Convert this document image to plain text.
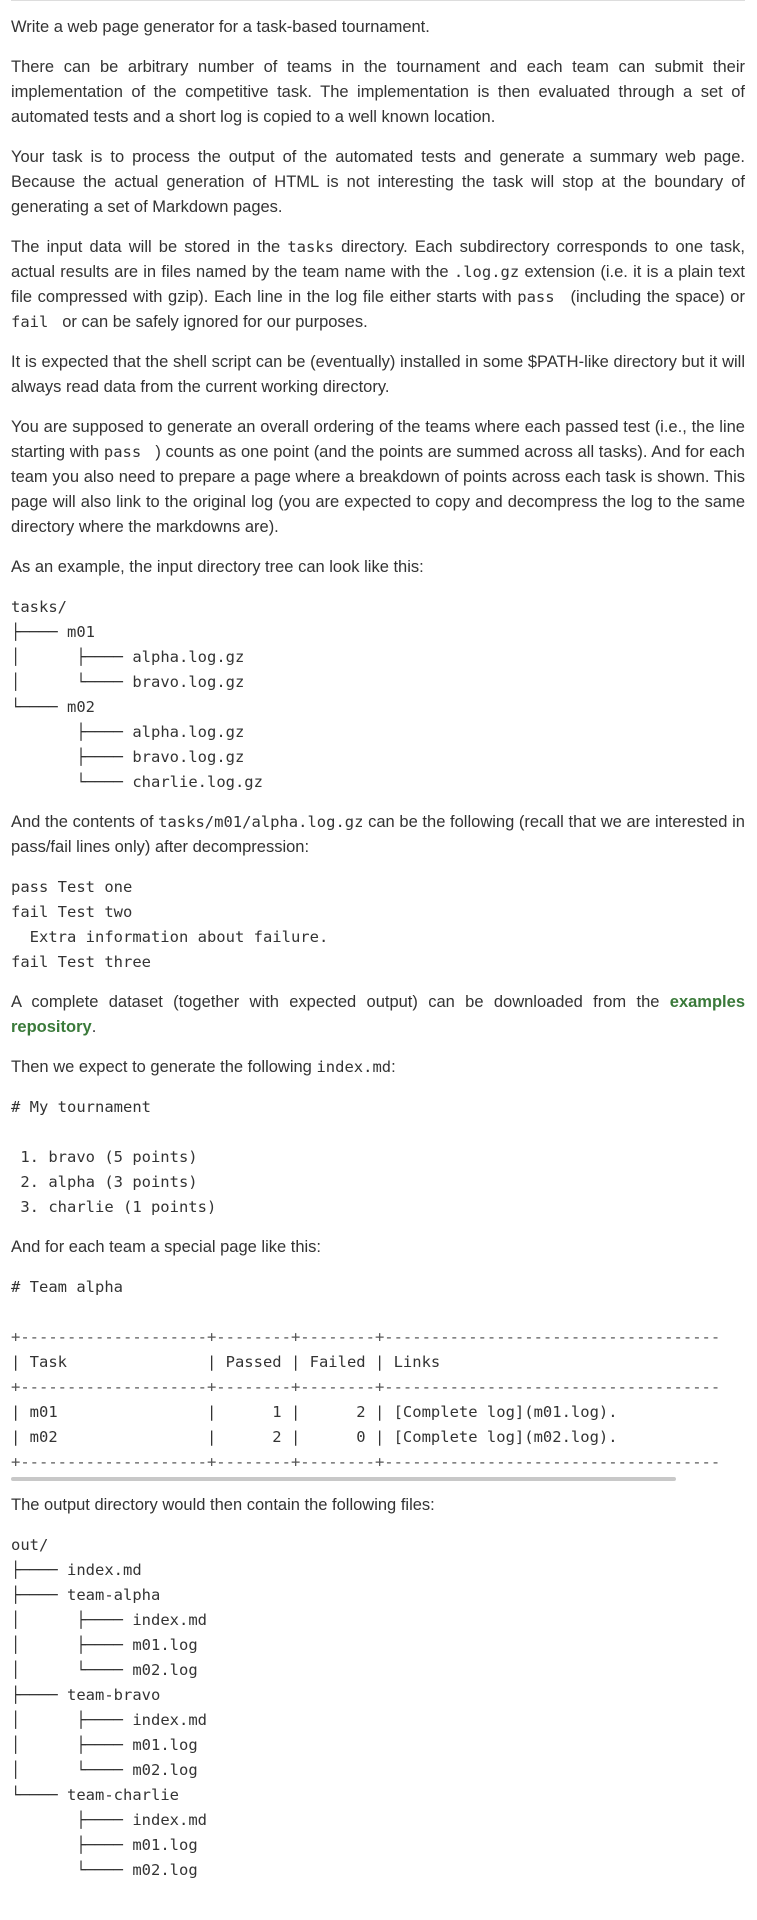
Write a web page generator for a task-based tournament.

There can be arbitrary number of teams in the tournament and each team can submit their implementation of the competitive task. The implementation is then evaluated through a set of automated tests and a short log is copied to a well known location.

Your task is to process the output of the automated tests and generate a summary web page. Because the actual generation of HTML is not interesting the task will stop at the boundary of generating a set of Markdown pages.

The input data will be stored in the tasks directory. Each subdirectory corresponds to one task, actual results are in files named by the team name with the .log.gz extension (i.e. it is a plain text file compressed with gzip). Each line in the log file either starts with pass  (including the space) or fail  or can be safely ignored for our purposes.

It is expected that the shell script can be (eventually) installed in some $PATH-like directory but it will always read data from the current working directory.

You are supposed to generate an overall ordering of the teams where each passed test (i.e., the line starting with pass  ) counts as one point (and the points are summed across all tasks). And for each team you also need to prepare a page where a breakdown of points across each task is shown. This page will also link to the original log (you are expected to copy and decompress the log to the same directory where the markdowns are).

As an example, the input directory tree can look like this:

tasks/
├──── m01
│      ├──── alpha.log.gz
│      └──── bravo.log.gz
└──── m02
├──── alpha.log.gz
├──── bravo.log.gz
└──── charlie.log.gz

And the contents of tasks/m01/alpha.log.gz can be the following (recall that we are interested in pass/fail lines only) after decompression:

pass Test one
fail Test two
Extra information about failure.
fail Test three

A complete dataset (together with expected output) can be downloaded from the examples repository.

Then we expect to generate the following index.md:

# My tournament

1. bravo (5 points)
2. alpha (3 points)
3. charlie (1 points)

And for each team a special page like this:

# Team alpha

+--------------------+--------+--------+------------------------------------
| Task               | Passed | Failed | Links
+--------------------+--------+--------+------------------------------------
| m01                |      1 |      2 | [Complete log](m01.log).
| m02                |      2 |      0 | [Complete log](m02.log).
+--------------------+--------+--------+------------------------------------

The output directory would then contain the following files:

out/
├──── index.md
├──── team-alpha
│      ├──── index.md
│      ├──── m01.log
│      └──── m02.log
├──── team-bravo
│      ├──── index.md
│      ├──── m01.log
│      └──── m02.log
└──── team-charlie
├──── index.md
├──── m01.log
└──── m02.log
